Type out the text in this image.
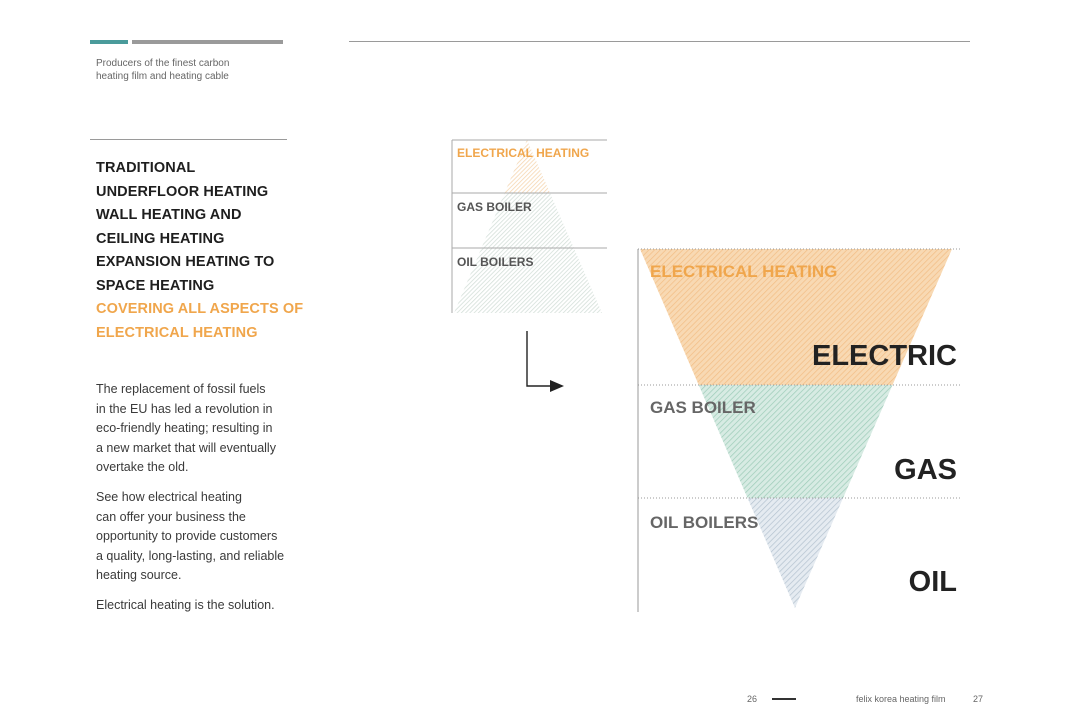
Producers of the finest carbon
heating film and heating cable
TRADITIONAL
UNDERFLOOR HEATING
WALL HEATING AND
CEILING HEATING
EXPANSION HEATING TO
SPACE HEATING
COVERING ALL ASPECTS OF
ELECTRICAL HEATING
The replacement of fossil fuels
in the EU has led a revolution in
eco-friendly heating; resulting in
a new market that will eventually
overtake the old.
See how electrical heating
can offer your business the
opportunity to provide customers
a quality, long-lasting, and reliable
heating source.
Electrical heating is the solution.
ELECTRICAL HEATING
GAS BOILER
OIL BOILERS	ELECTRICAL HEATING
GAS BOILER
OIL BOILERS
ELECTRIC
GAS
OIL
26	felix korea heating film	27
